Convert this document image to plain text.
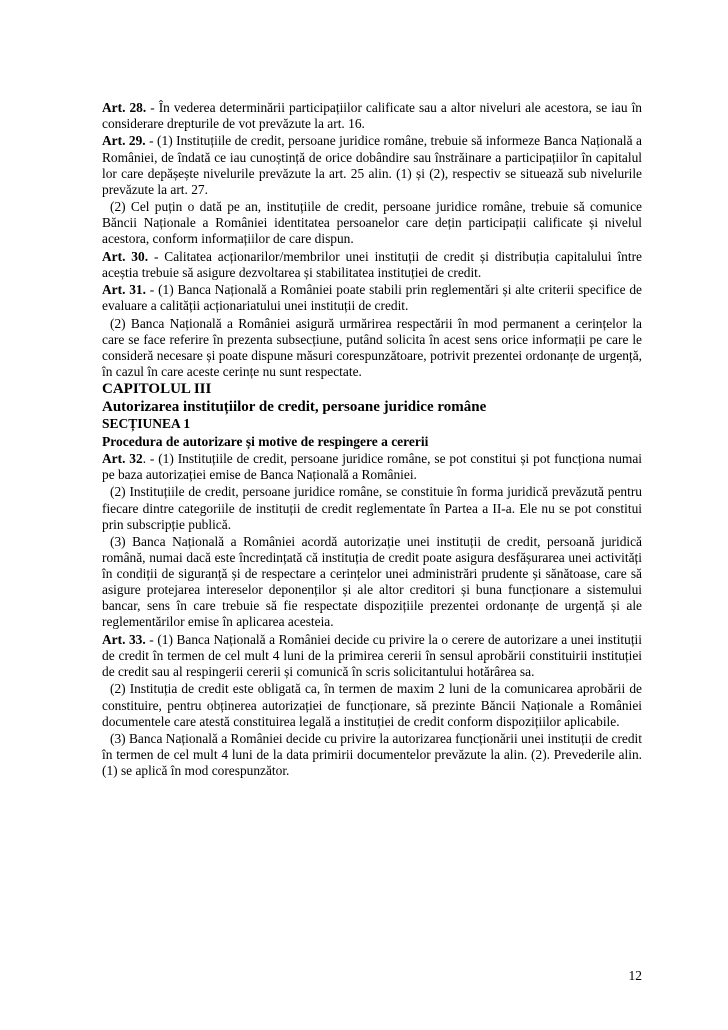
Art. 28. - În vederea determinării participațiilor calificate sau a altor niveluri ale acestora, se iau în considerare drepturile de vot prevăzute la art. 16.

Art. 29. - (1) Instituțiile de credit, persoane juridice române, trebuie să informeze Banca Națională a României, de îndată ce iau cunoștință de orice dobândire sau înstrăinare a participațiilor în capitalul lor care depășește nivelurile prevăzute la art. 25 alin. (1) și (2), respectiv se situează sub nivelurile prevăzute la art. 27.

(2) Cel puțin o dată pe an, instituțiile de credit, persoane juridice române, trebuie să comunice Băncii Naționale a României identitatea persoanelor care dețin participații calificate și nivelul acestora, conform informațiilor de care dispun.

Art. 30. - Calitatea acționarilor/membrilor unei instituții de credit și distribuția capitalului între aceștia trebuie să asigure dezvoltarea și stabilitatea instituției de credit.

Art. 31. - (1) Banca Națională a României poate stabili prin reglementări și alte criterii specifice de evaluare a calității acționariatului unei instituții de credit.

(2) Banca Națională a României asigură urmărirea respectării în mod permanent a cerințelor la care se face referire în prezenta subsecțiune, putând solicita în acest sens orice informații pe care le consideră necesare și poate dispune măsuri corespunzătoare, potrivit prezentei ordonanțe de urgență, în cazul în care aceste cerințe nu sunt respectate.

CAPITOLUL III

Autorizarea instituțiilor de credit, persoane juridice române

SECȚIUNEA 1

Procedura de autorizare și motive de respingere a cererii

Art. 32. - (1) Instituțiile de credit, persoane juridice române, se pot constitui și pot funcționa numai pe baza autorizației emise de Banca Națională a României.

(2) Instituțiile de credit, persoane juridice române, se constituie în forma juridică prevăzută pentru fiecare dintre categoriile de instituții de credit reglementate în Partea a II-a. Ele nu se pot constitui prin subscripție publică.

(3) Banca Națională a României acordă autorizație unei instituții de credit, persoană juridică română, numai dacă este încredințată că instituția de credit poate asigura desfășurarea unei activități în condiții de siguranță și de respectare a cerințelor unei administrări prudente și sănătoase, care să asigure protejarea intereselor deponenților și ale altor creditori și buna funcționare a sistemului bancar, sens în care trebuie să fie respectate dispozițiile prezentei ordonanțe de urgență și ale reglementărilor emise în aplicarea acesteia.

Art. 33. - (1) Banca Națională a României decide cu privire la o cerere de autorizare a unei instituții de credit în termen de cel mult 4 luni de la primirea cererii în sensul aprobării constituirii instituției de credit sau al respingerii cererii și comunică în scris solicitantului hotărârea sa.

(2) Instituția de credit este obligată ca, în termen de maxim 2 luni de la comunicarea aprobării de constituire, pentru obținerea autorizației de funcționare, să prezinte Băncii Naționale a României documentele care atestă constituirea legală a instituției de credit conform dispozițiilor aplicabile.

(3) Banca Națională a României decide cu privire la autorizarea funcționării unei instituții de credit în termen de cel mult 4 luni de la data primirii documentelor prevăzute la alin. (2). Prevederile alin. (1) se aplică în mod corespunzător.

12
